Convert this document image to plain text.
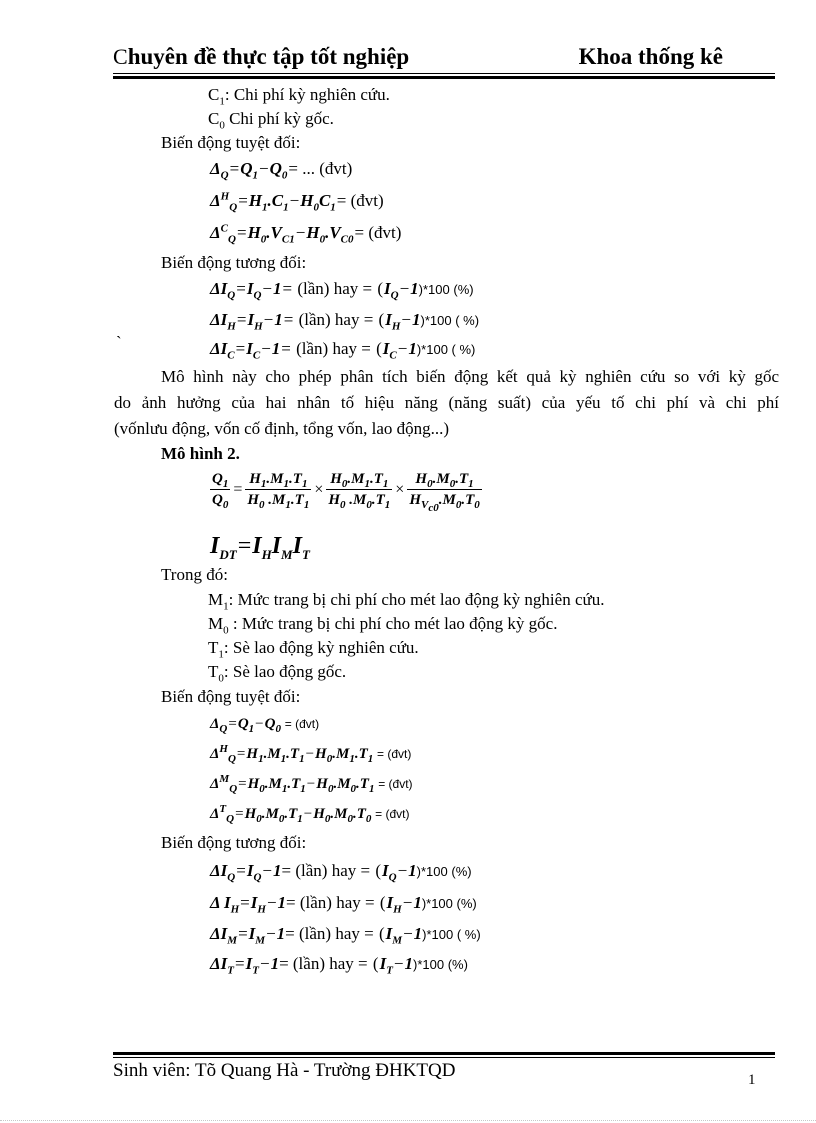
Chuyên đề thực tập tốt nghiệp	Khoa thống kê
$C_1$: Chi phí kỳ nghiên cứu.
$C_0$ Chi phí kỳ gốc.
Biến động tuyệt đối:
$\Delta_Q=Q_1-Q_0=$ ... (đvt)
$\Delta^H_Q=H_1.C_1-H_0C_1=$ (đvt)
$\Delta^C_Q=H_0.V_{C1}-H_0.V_{C0}=$ (đvt)
Biến động tương đối:
$\Delta I_Q=I_Q-1=$ (lần) hay = $(I_Q-1)*100$ (%)
$\Delta I_H=I_H-1=$ (lần) hay = $(I_H-1)*100$ ( %)
`	$\Delta I_C=I_C-1=$ (lần) hay = $(I_C-1)*100$ ( %)
Mô hình này cho phép phân tích biến động kết quả kỳ nghiên cứu so với kỳ gốc
do ảnh hưởng của hai nhân tố hiệu năng (năng suất) của yếu tố chi phí và chi phí
(vốnlưu động, vốn cố định, tổng vốn, lao động...)
Mô hình 2.
$\frac{Q_1}{Q_0} = \frac{H_1.M_1.T_1}{H_0 .M_1.T_1} \times \frac{H_0.M_1.T_1}{H_0 .M_0.T_1} \times \frac{H_0.M_0.T_1}{H_{V_{c0}}.M_0.T_0}$
$I_{DT}=I_HI_MI_T$
Trong đó:
$M_1$: Mức trang bị chi phí cho mét lao động kỳ nghiên cứu.
$M_0$ : Mức trang bị chi phí cho mét lao động kỳ gốc.
$T_1$: Sè lao động kỳ nghiên cứu.
$T_0$: Sè lao động gốc.
Biến động tuyệt đối:
$\Delta_Q=Q_1-Q_0$ = (đvt)
$\Delta^H_Q=H_1.M_1.T_1-H_0.M_1.T_1$ = (đvt)
$\Delta^M_Q=H_0.M_1.T_1-H_0.M_0.T_1$ = (đvt)
$\Delta^T_Q=H_0.M_0.T_1-H_0.M_0.T_0$ = (đvt)
Biến động tương đối:
$\Delta I_Q=I_Q-1=$ (lần) hay = $(I_Q-1)*100$ (%)
Δ $I_H=I_H-1=$ (lần) hay = $(I_H-1)*100$ (%)
$\Delta I_M=I_M-1=$ (lần) hay = $(I_M-1)*100$ ( %)
$\Delta I_T=I_T-1=$ (lần) hay = $(I_T-1)*100$ (%)
Sinh viên: Tõ Quang Hà - Trường ĐHKTQD	1
